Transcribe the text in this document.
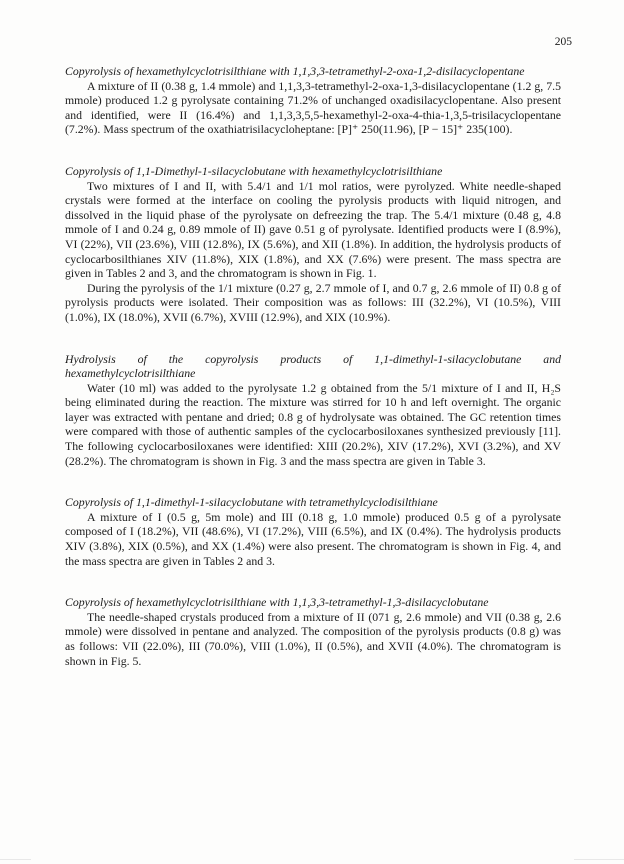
205

Copyrolysis of hexamethylcyclotrisilthiane with 1,1,3,3-tetramethyl-2-oxa-1,2-disilacyclopentane

A mixture of II (0.38 g, 1.4 mmole) and 1,1,3,3-tetramethyl-2-oxa-1,3-disilacyclopentane (1.2 g, 7.5 mmole) produced 1.2 g pyrolysate containing 71.2% of unchanged oxadisilacyclopentane. Also present and identified, were II (16.4%) and 1,1,3,3,5,5-hexamethyl-2-oxa-4-thia-1,3,5-trisilacyclopentane (7.2%). Mass spectrum of the oxathiatrisilacycloheptane: [P]⁺ 250(11.96), [P − 15]⁺ 235(100).

Copyrolysis of 1,1-Dimethyl-1-silacyclobutane with hexamethylcyclotrisilthiane

Two mixtures of I and II, with 5.4/1 and 1/1 mol ratios, were pyrolyzed. White needle-shaped crystals were formed at the interface on cooling the pyrolysis products with liquid nitrogen, and dissolved in the liquid phase of the pyrolysate on defreezing the trap. The 5.4/1 mixture (0.48 g, 4.8 mmole of I and 0.24 g, 0.89 mmole of II) gave 0.51 g of pyrolysate. Identified products were I (8.9%), VI (22%), VII (23.6%), VIII (12.8%), IX (5.6%), and XII (1.8%). In addition, the hydrolysis products of cyclocarbosilthianes XIV (11.8%), XIX (1.8%), and XX (7.6%) were present. The mass spectra are given in Tables 2 and 3, and the chromatogram is shown in Fig. 1.

During the pyrolysis of the 1/1 mixture (0.27 g, 2.7 mmole of I, and 0.7 g, 2.6 mmole of II) 0.8 g of pyrolysis products were isolated. Their composition was as follows: III (32.2%), VI (10.5%), VIII (1.0%), IX (18.0%), XVII (6.7%), XVIII (12.9%), and XIX (10.9%).

Hydrolysis of the copyrolysis products of 1,1-dimethyl-1-silacyclobutane and hexamethylcyclotrisilthiane

Water (10 ml) was added to the pyrolysate 1.2 g obtained from the 5/1 mixture of I and II, H₂S being eliminated during the reaction. The mixture was stirred for 10 h and left overnight. The organic layer was extracted with pentane and dried; 0.8 g of hydrolysate was obtained. The GC retention times were compared with those of authentic samples of the cyclocarbosiloxanes synthesized previously [11]. The following cyclocarbosiloxanes were identified: XIII (20.2%), XIV (17.2%), XVI (3.2%), and XV (28.2%). The chromatogram is shown in Fig. 3 and the mass spectra are given in Table 3.

Copyrolysis of 1,1-dimethyl-1-silacyclobutane with tetramethylcyclodisilthiane

A mixture of I (0.5 g, 5m mole) and III (0.18 g, 1.0 mmole) produced 0.5 g of a pyrolysate composed of I (18.2%), VII (48.6%), VI (17.2%), VIII (6.5%), and IX (0.4%). The hydrolysis products XIV (3.8%), XIX (0.5%), and XX (1.4%) were also present. The chromatogram is shown in Fig. 4, and the mass spectra are given in Tables 2 and 3.

Copyrolysis of hexamethylcyclotrisilthiane with 1,1,3,3-tetramethyl-1,3-disilacyclobutane

The needle-shaped crystals produced from a mixture of II (071 g, 2.6 mmole) and VII (0.38 g, 2.6 mmole) were dissolved in pentane and analyzed. The composition of the pyrolysis products (0.8 g) was as follows: VII (22.0%), III (70.0%), VIII (1.0%), II (0.5%), and XVII (4.0%). The chromatogram is shown in Fig. 5.
